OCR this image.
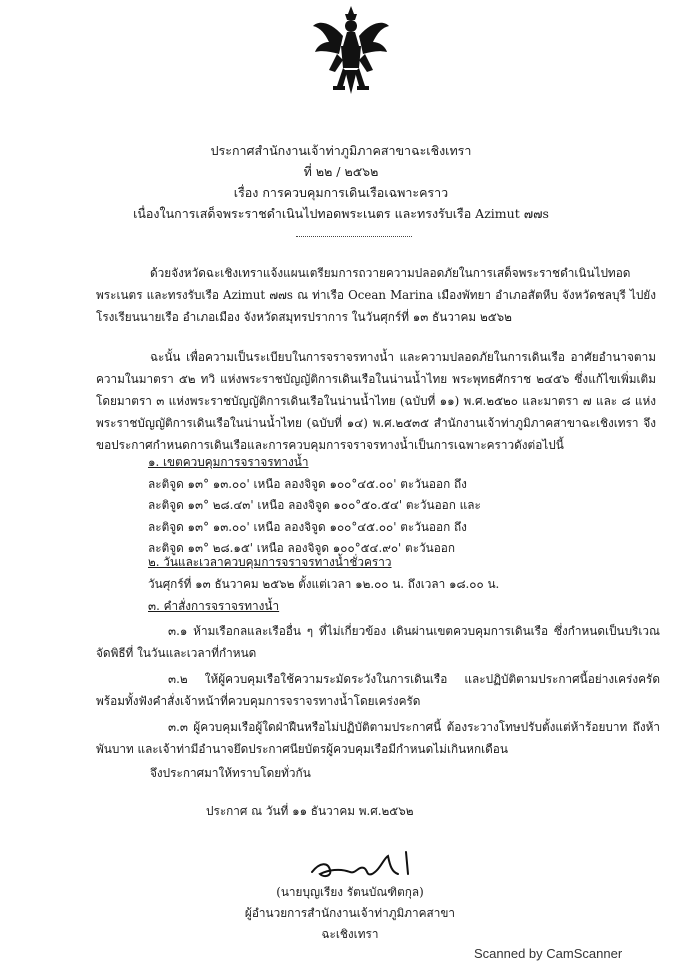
ประกาศสำนักงานเจ้าท่าภูมิภาคสาขาฉะเชิงเทรา
ที่ ๒๒ / ๒๕๖๒
เรื่อง การควบคุมการเดินเรือเฉพาะคราว
เนื่องในการเสด็จพระราชดำเนินไปทอดพระเนตร และทรงรับเรือ Azimut ๗๗s
ด้วยจังหวัดฉะเชิงเทราแจ้งแผนเตรียมการถวายความปลอดภัยในการเสด็จพระราชดำเนินไปทอดพระเนตร และทรงรับเรือ Azimut ๗๗s ณ ท่าเรือ Ocean Marina เมืองพัทยา อำเภอสัตหีบ จังหวัดชลบุรี ไปยังโรงเรียนนายเรือ อำเภอเมือง จังหวัดสมุทรปราการ ในวันศุกร์ที่ ๑๓ ธันวาคม ๒๕๖๒
ฉะนั้น เพื่อความเป็นระเบียบในการจราจรทางน้ำ และความปลอดภัยในการเดินเรือ อาศัยอำนาจตามความในมาตรา ๕๒ ทวิ แห่งพระราชบัญญัติการเดินเรือในน่านน้ำไทย พระพุทธศักราช ๒๔๕๖ ซึ่งแก้ไขเพิ่มเติมโดยมาตรา ๓ แห่งพระราชบัญญัติการเดินเรือในน่านน้ำไทย (ฉบับที่ ๑๑) พ.ศ.๒๕๒๐ และมาตรา ๗ และ ๘ แห่งพระราชบัญญัติการเดินเรือในน่านน้ำไทย (ฉบับที่ ๑๔) พ.ศ.๒๕๓๕ สำนักงานเจ้าท่าภูมิภาคสาขาฉะเชิงเทรา จึงขอประกาศกำหนดการเดินเรือและการควบคุมการจราจรทางน้ำเป็นการเฉพาะคราวดังต่อไปนี้
๑. เขตควบคุมการจราจรทางน้ำ
ละติจูด ๑๓° ๑๓.๐๐' เหนือ ลองจิจูด ๑๐๐°๔๕.๐๐' ตะวันออก ถึง
ละติจูด ๑๓° ๒๘.๔๓' เหนือ ลองจิจูด ๑๐๐°๕๐.๕๔' ตะวันออก และ
ละติจูด ๑๓° ๑๓.๐๐' เหนือ ลองจิจูด ๑๐๐°๔๕.๐๐' ตะวันออก ถึง
ละติจูด ๑๓° ๒๘.๑๕' เหนือ ลองจิจูด ๑๐๐°๕๔.๙๐' ตะวันออก
๒. วันและเวลาควบคุมการจราจรทางน้ำชั่วคราว
วันศุกร์ที่ ๑๓ ธันวาคม ๒๕๖๒ ตั้งแต่เวลา ๑๒.๐๐ น. ถึงเวลา ๑๘.๐๐ น.
๓. คำสั่งการจราจรทางน้ำ
๓.๑ ห้ามเรือกลและเรืออื่น ๆ ที่ไม่เกี่ยวข้อง เดินผ่านเขตควบคุมการเดินเรือ ซึ่งกำหนดเป็นบริเวณจัดพิธีที่ ในวันและเวลาที่กำหนด
๓.๒ ให้ผู้ควบคุมเรือใช้ความระมัดระวังในการเดินเรือ และปฏิบัติตามประกาศนี้อย่างเคร่งครัด พร้อมทั้งฟังคำสั่งเจ้าหน้าที่ควบคุมการจราจรทางน้ำโดยเคร่งครัด
๓.๓ ผู้ควบคุมเรือผู้ใดฝ่าฝืนหรือไม่ปฏิบัติตามประกาศนี้ ต้องระวางโทษปรับตั้งแต่ห้าร้อยบาท ถึงห้าพันบาท และเจ้าท่ามีอำนาจยึดประกาศนียบัตรผู้ควบคุมเรือมีกำหนดไม่เกินหกเดือน
จึงประกาศมาให้ทราบโดยทั่วกัน
ประกาศ ณ วันที่ ๑๑ ธันวาคม พ.ศ.๒๕๖๒
(นายบุญเรียง รัตนบัณฑิตกุล)
ผู้อำนวยการสำนักงานเจ้าท่าภูมิภาคสาขาฉะเชิงเทรา
Scanned by CamScanner
